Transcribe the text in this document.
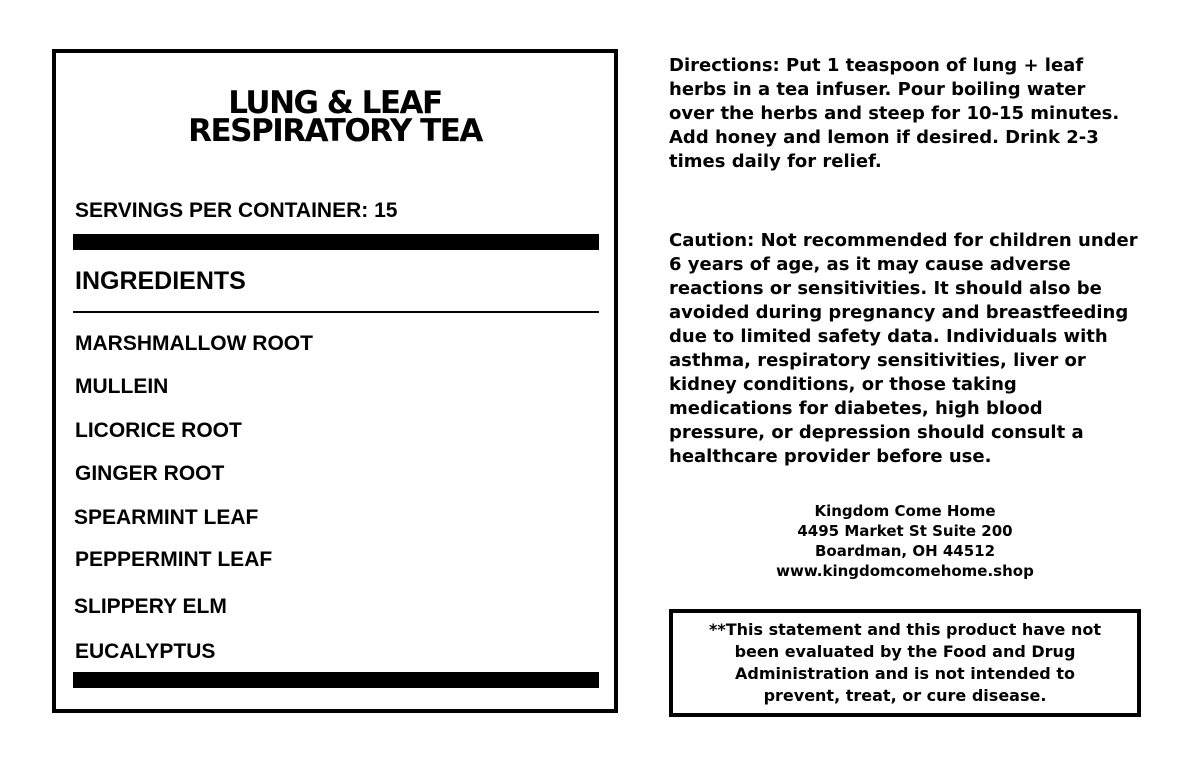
LUNG & LEAF
RESPIRATORY TEA
SERVINGS PER CONTAINER: 15
INGREDIENTS
MARSHMALLOW ROOT
MULLEIN
LICORICE ROOT
GINGER ROOT
SPEARMINT LEAF
PEPPERMINT LEAF
SLIPPERY ELM
EUCALYPTUS

Directions: Put 1 teaspoon of lung + leaf

herbs in a tea infuser. Pour boiling water

over the herbs and steep for 10-15 minutes.

Add honey and lemon if desired. Drink 2-3

times daily for relief.

Caution: Not recommended for children under

6 years of age, as it may cause adverse

reactions or sensitivities. It should also be

avoided during pregnancy and breastfeeding

due to limited safety data. Individuals with

asthma, respiratory sensitivities, liver or

kidney conditions, or those taking

medications for diabetes, high blood

pressure, or depression should consult a

healthcare provider before use.

Kingdom Come Home
4495 Market St Suite 200
Boardman, OH 44512
www.kingdomcomehome.shop
**This statement and this product have not
been evaluated by the Food and Drug
Administration and is not intended to
prevent, treat, or cure disease.
